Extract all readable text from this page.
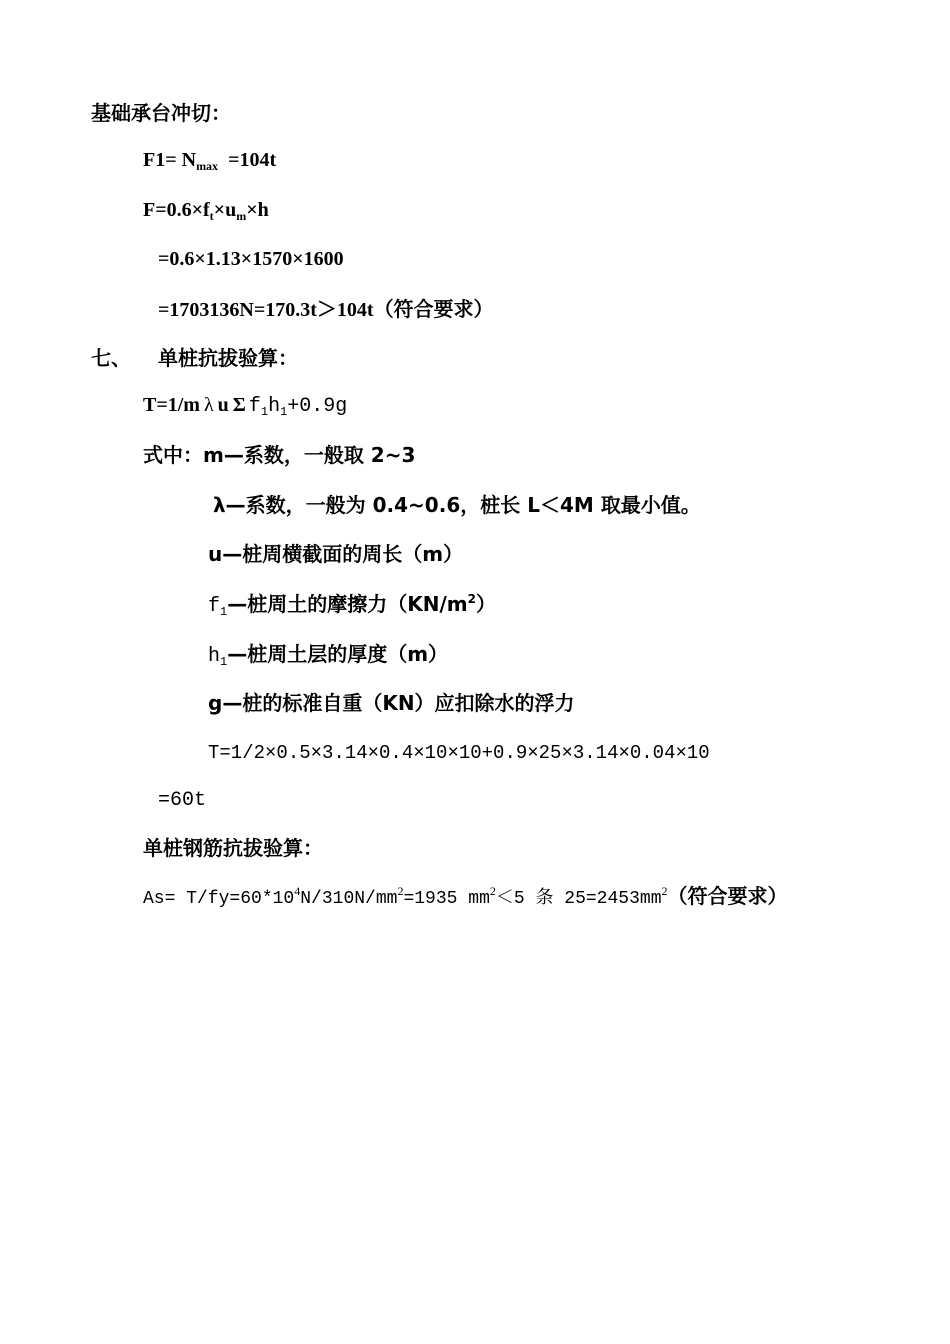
基础承台冲切：
$F1= N_{max} =104t$
$F=0.6\times f_t\times u_m\times h$
=0.6×1.13×1570×1600
=1703136N=170.3t＞104t（符合要求）
七、 单桩抗拔验算：
T=1/m λ u Σ $f_1h_1+0.9g$
式中：m—系数，一般取 2~3
λ—系数，一般为 0.4~0.6，桩长 L＜4M 取最小值。
u—桩周横截面的周长（m）
$f_1—$桩周土的摩擦力$(KN/m^2)$
$h_1—$桩周土层的厚度（m）
g—桩的标准自重（KN）应扣除水的浮力
T=1/2×0.5×3.14×0.4×10×10+0.9×25×3.14×0.04×10
=60t
单桩钢筋抗拔验算：
$As= T/fy=60*10^4N/310N/mm^2=1935$ $mm^2<5$ 条 $25=2453mm^2$（符合要求）
